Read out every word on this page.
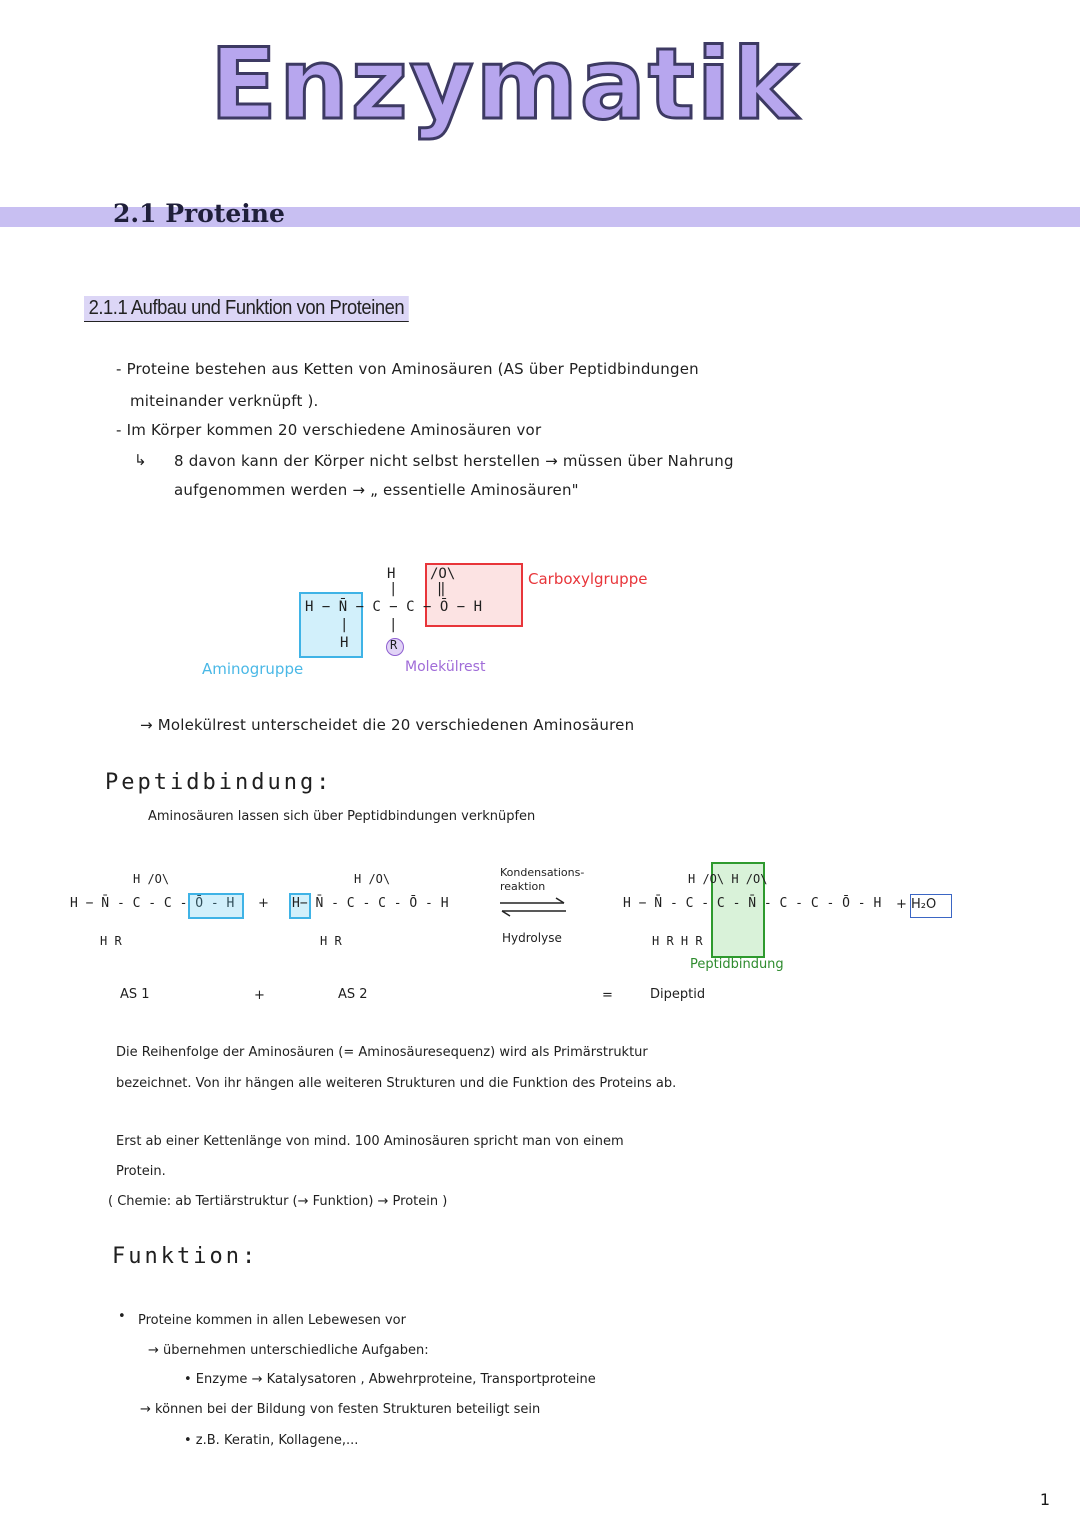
Enzymatik
2.1 Proteine
2.1.1 Aufbau und Funktion von Proteinen
- Proteine bestehen aus Ketten von Aminosäuren (AS über Peptidbindungen
miteinander verknüpft ).
- Im Körper kommen 20 verschiedene Aminosäuren vor
↳ 8 davon kann der Körper nicht selbst herstellen → müssen über Nahrung
aufgenommen werden → „ essentielle Aminosäuren"
H
|
/O\
‖
H − N̄ − C − C − Ō − H
|	|
H	R
Carboxylgruppe
Aminogruppe	Molekülrest
→ Molekülrest unterscheidet die 20 verschiedenen Aminosäuren
Peptidbindung:
Aminosäuren lassen sich über Peptidbindungen verknüpfen
H /O\
H − N̄ - C - C - Ō - H
H R
AS 1
+
+
H /O\
H− N̄ - C - C - Ō - H
H R
AS 2
Kondensations-
reaktion
Hydrolyse
=
H /O\ H /O\
H − N̄ - C - C - N̄ - C - C - Ō - H
H R H R
Peptidbindung
Dipeptid
+ H₂O
Die Reihenfolge der Aminosäuren (= Aminosäuresequenz) wird als Primärstruktur
bezeichnet. Von ihr hängen alle weiteren Strukturen und die Funktion des Proteins ab.
Erst ab einer Kettenlänge von mind. 100 Aminosäuren spricht man von einem
Protein.
( Chemie: ab Tertiärstruktur (→ Funktion) → Protein )
Funktion:
• Proteine kommen in allen Lebewesen vor
→ übernehmen unterschiedliche Aufgaben:
• Enzyme → Katalysatoren , Abwehrproteine, Transportproteine
→ können bei der Bildung von festen Strukturen beteiligt sein
• z.B. Keratin, Kollagene,...
1
